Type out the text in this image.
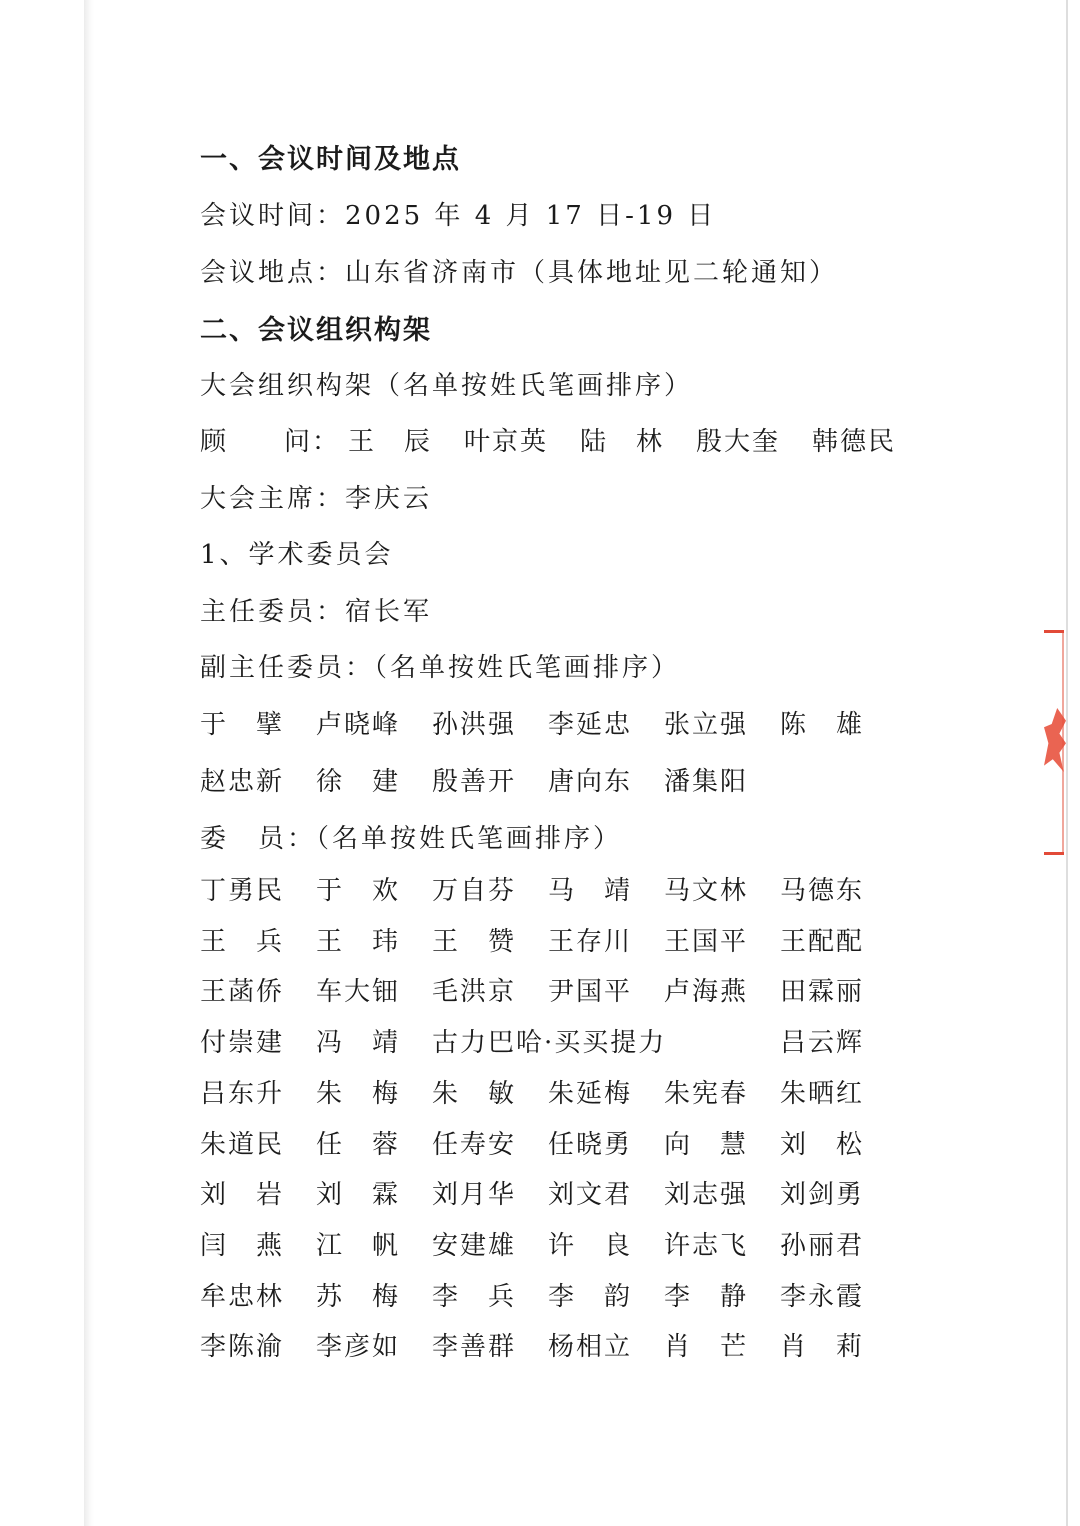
一、会议时间及地点
会议时间：2025 年 4 月 17 日-19 日
会议地点：山东省济南市（具体地址见二轮通知）
二、会议组织构架
大会组织构架（名单按姓氏笔画排序）
顾　　问： 王　辰 叶京英 陆　林 殷大奎 韩德民
大会主席：李庆云
1、学术委员会
主任委员：宿长军
副主任委员：（名单按姓氏笔画排序）
于　擘 卢晓峰 孙洪强 李延忠 张立强 陈　雄
赵忠新 徐　建 殷善开 唐向东 潘集阳
委　员：（名单按姓氏笔画排序）
丁勇民 于　欢 万自芬 马　靖 马文林 马德东
王　兵 王　玮 王　赞 王存川 王国平 王配配
王菡侨 车大钿 毛洪京 尹国平 卢海燕 田霖丽
付崇建 冯　靖 古力巴哈·买买提力	吕云辉
吕东升 朱　梅 朱　敏 朱延梅 朱宪春 朱晒红
朱道民 任　蓉 任寿安 任晓勇 向　慧 刘　松
刘　岩 刘　霖 刘月华 刘文君 刘志强 刘剑勇
闫　燕 江　帆 安建雄 许　良 许志飞 孙丽君
牟忠林 苏　梅 李　兵 李　韵 李　静 李永霞
李陈渝 李彦如 李善群 杨相立 肖　芒 肖　莉
